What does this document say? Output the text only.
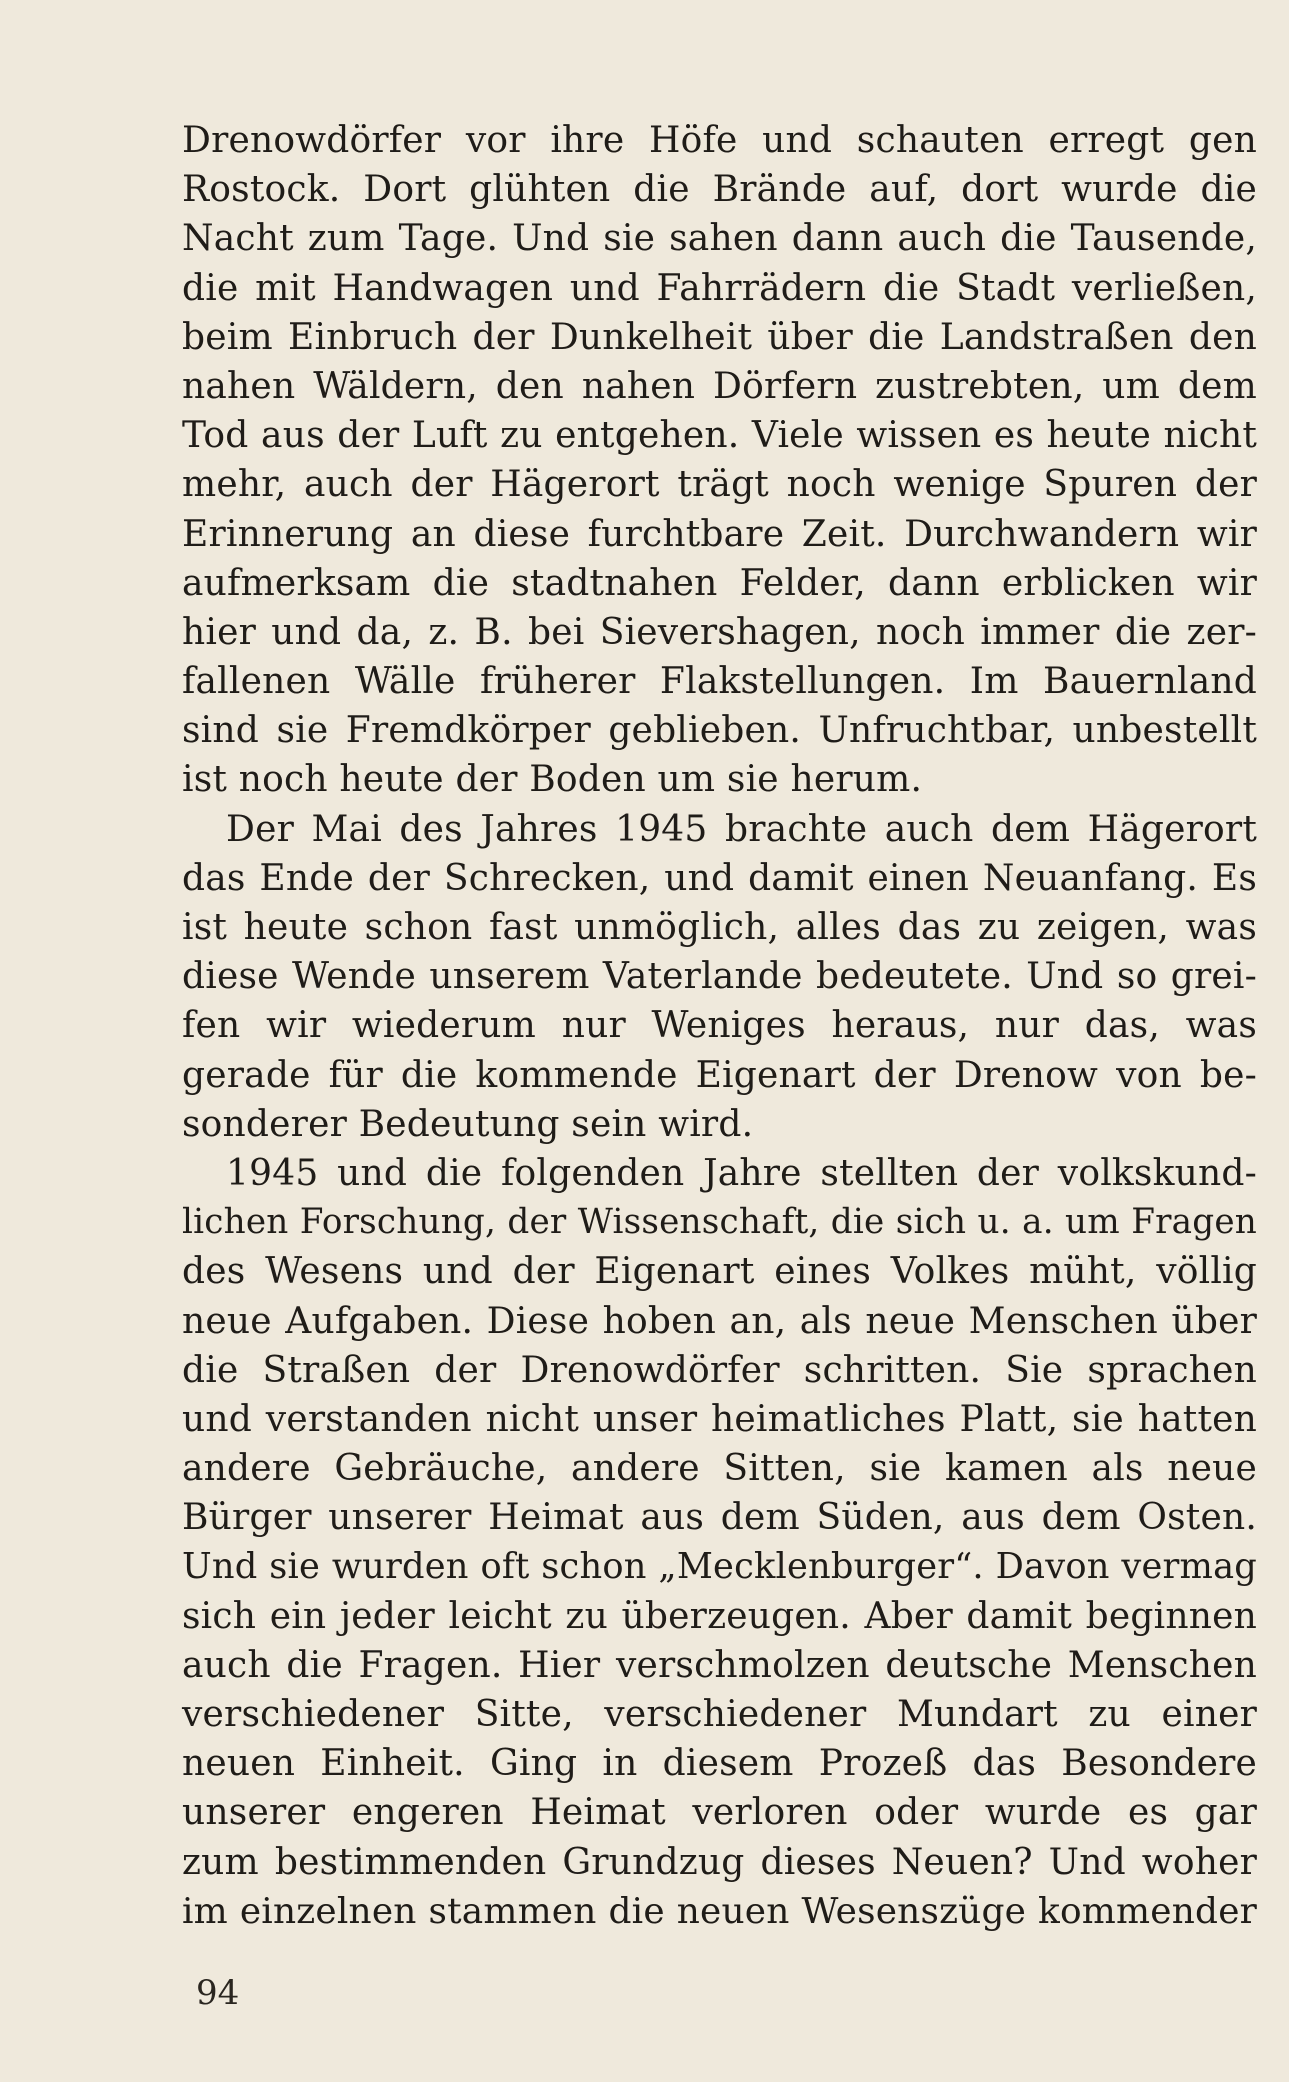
Drenowdörfer vor ihre Höfe und schauten erregt gen
Rostock. Dort glühten die Brände auf, dort wurde die
Nacht zum Tage. Und sie sahen dann auch die Tausende,
die mit Handwagen und Fahrrädern die Stadt verließen,
beim Einbruch der Dunkelheit über die Landstraßen den
nahen Wäldern, den nahen Dörfern zustrebten, um dem
Tod aus der Luft zu entgehen. Viele wissen es heute nicht
mehr, auch der Hägerort trägt noch wenige Spuren der
Erinnerung an diese furchtbare Zeit. Durchwandern wir
aufmerksam die stadtnahen Felder, dann erblicken wir
hier und da, z. B. bei Sievershagen, noch immer die zer-
fallenen Wälle früherer Flakstellungen. Im Bauernland
sind sie Fremdkörper geblieben. Unfruchtbar, unbestellt
ist noch heute der Boden um sie herum.
Der Mai des Jahres 1945 brachte auch dem Hägerort
das Ende der Schrecken, und damit einen Neuanfang. Es
ist heute schon fast unmöglich, alles das zu zeigen, was
diese Wende unserem Vaterlande bedeutete. Und so grei-
fen wir wiederum nur Weniges heraus, nur das, was
gerade für die kommende Eigenart der Drenow von be-
sonderer Bedeutung sein wird.
1945 und die folgenden Jahre stellten der volkskund-
lichen Forschung, der Wissenschaft, die sich u. a. um Fragen
des Wesens und der Eigenart eines Volkes müht, völlig
neue Aufgaben. Diese hoben an, als neue Menschen über
die Straßen der Drenowdörfer schritten. Sie sprachen
und verstanden nicht unser heimatliches Platt, sie hatten
andere Gebräuche, andere Sitten, sie kamen als neue
Bürger unserer Heimat aus dem Süden, aus dem Osten.
Und sie wurden oft schon „Mecklenburger“. Davon vermag
sich ein jeder leicht zu überzeugen. Aber damit beginnen
auch die Fragen. Hier verschmolzen deutsche Menschen
verschiedener Sitte, verschiedener Mundart zu einer
neuen Einheit. Ging in diesem Prozeß das Besondere
unserer engeren Heimat verloren oder wurde es gar
zum bestimmenden Grundzug dieses Neuen? Und woher
im einzelnen stammen die neuen Wesenszüge kommender
94
